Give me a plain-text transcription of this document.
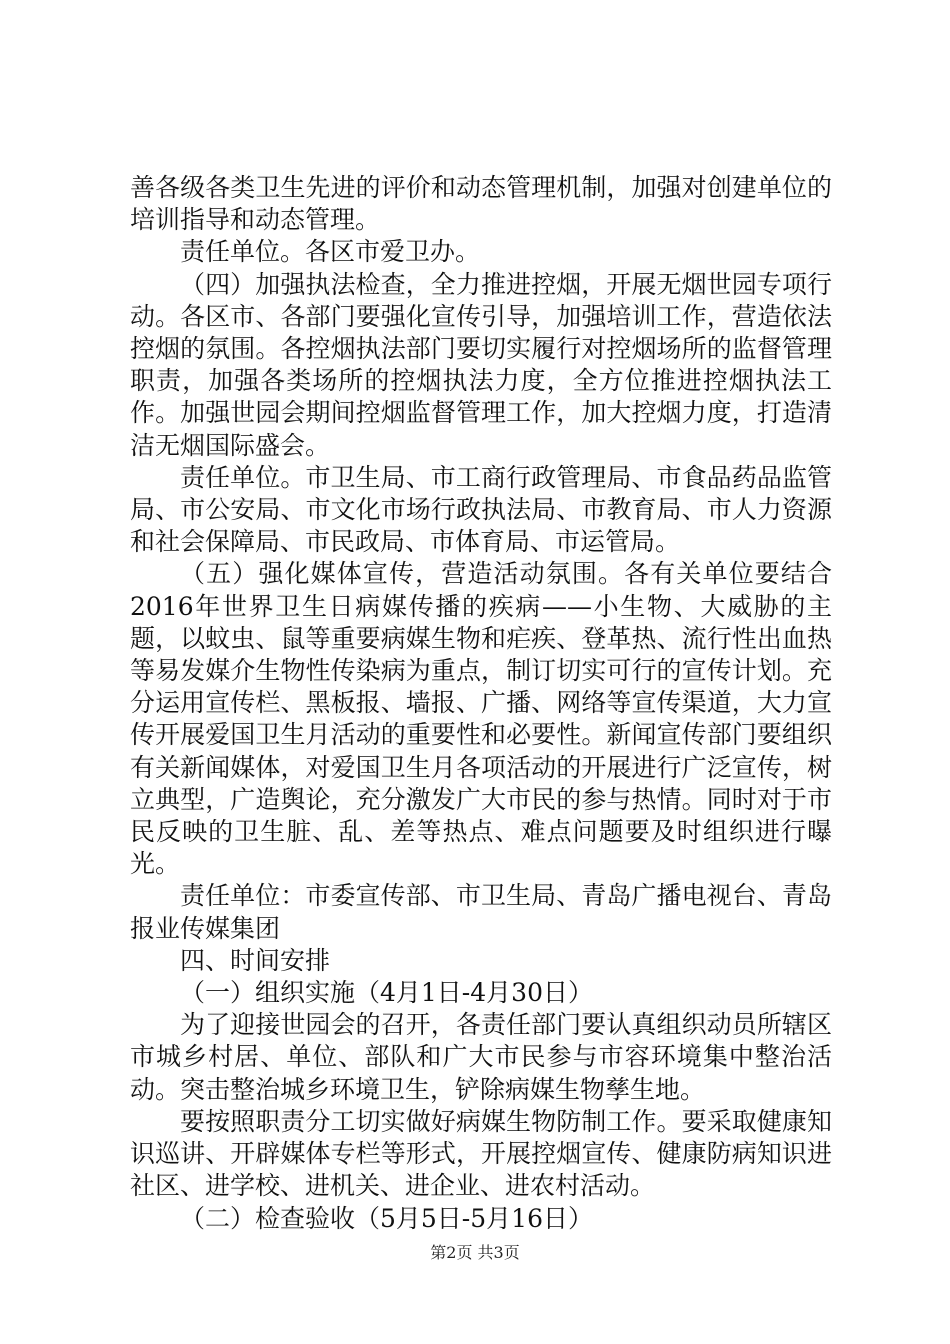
善各级各类卫生先进的评价和动态管理机制，加强对创建单位的培训指导和动态管理。

责任单位。各区市爱卫办。

（四）加强执法检查，全力推进控烟，开展无烟世园专项行动。各区市、各部门要强化宣传引导，加强培训工作，营造依法控烟的氛围。各控烟执法部门要切实履行对控烟场所的监督管理职责，加强各类场所的控烟执法力度，全方位推进控烟执法工作。加强世园会期间控烟监督管理工作，加大控烟力度，打造清洁无烟国际盛会。

责任单位。市卫生局、市工商行政管理局、市食品药品监管局、市公安局、市文化市场行政执法局、市教育局、市人力资源和社会保障局、市民政局、市体育局、市运管局。

（五）强化媒体宣传，营造活动氛围。各有关单位要结合2016年世界卫生日病媒传播的疾病——小生物、大威胁的主题，以蚊虫、鼠等重要病媒生物和疟疾、登革热、流行性出血热等易发媒介生物性传染病为重点，制订切实可行的宣传计划。充分运用宣传栏、黑板报、墙报、广播、网络等宣传渠道，大力宣传开展爱国卫生月活动的重要性和必要性。新闻宣传部门要组织有关新闻媒体，对爱国卫生月各项活动的开展进行广泛宣传，树立典型，广造舆论，充分激发广大市民的参与热情。同时对于市民反映的卫生脏、乱、差等热点、难点问题要及时组织进行曝光。

责任单位：市委宣传部、市卫生局、青岛广播电视台、青岛报业传媒集团

四、时间安排

（一）组织实施（4月1日-4月30日）

为了迎接世园会的召开，各责任部门要认真组织动员所辖区市城乡村居、单位、部队和广大市民参与市容环境集中整治活动。突击整治城乡环境卫生，铲除病媒生物孳生地。

要按照职责分工切实做好病媒生物防制工作。要采取健康知识巡讲、开辟媒体专栏等形式，开展控烟宣传、健康防病知识进社区、进学校、进机关、进企业、进农村活动。

（二）检查验收（5月5日-5月16日）

第2页 共3页
